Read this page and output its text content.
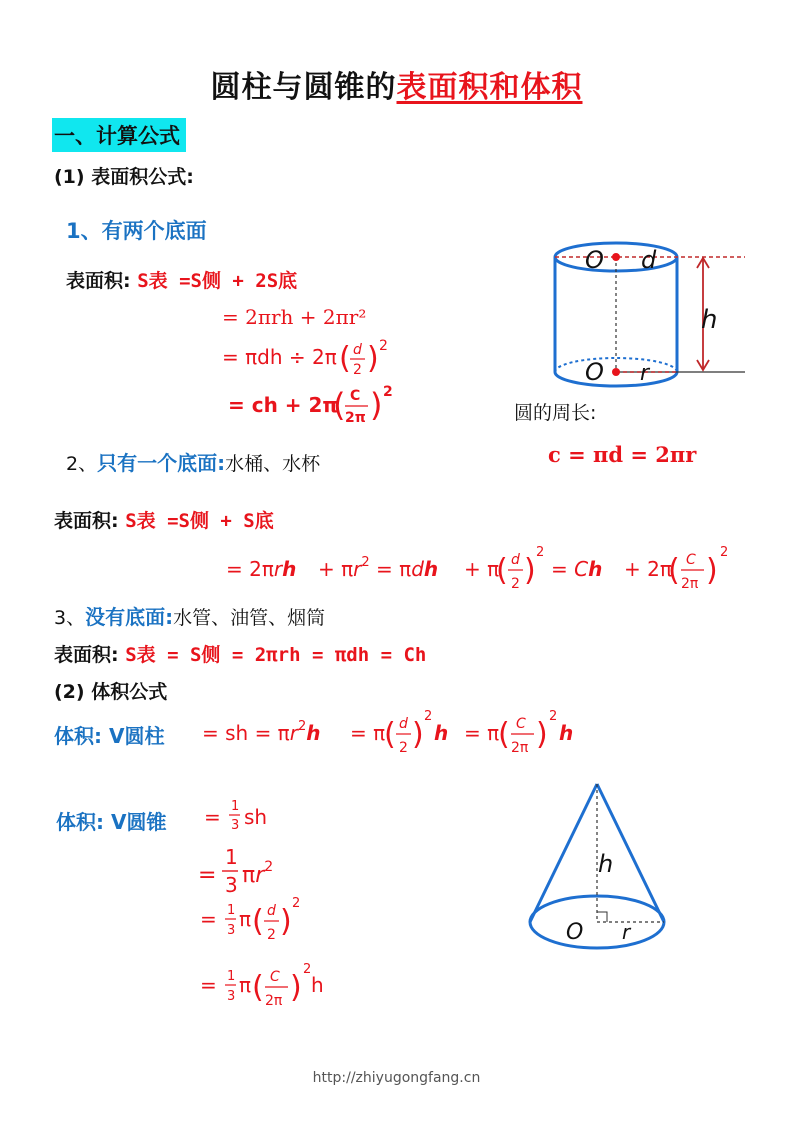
圆柱与圆锥的表面积和体积
一、计算公式
(1) 表面积公式:
1、有两个底面
表面积: S表 =S侧 + 2S底
= 2πrh + 2πr²
= πdh ÷ 2π ( d
2 ) 2
= ch + 2π
( C
2π ) 2
O d
h
O r
圆的周长:
c = πd = 2πr
2、只有一个底面:水桶、水杯
表面积: S表 =S侧 + S底
= $2\pi rh + \pi r^2 = \pi dh + \pi$
( d
2 )
2
= Ch + 2π
( C
2π )
2
3、没有底面:水管、油管、烟筒
表面积: S表 = S侧 = 2πrh = πdh = Ch
(2) 体积公式
体积: V圆柱 = sh = $\pi r^2h = \pi$
( d
2 )
2
h = π
( C
2π )
2
h
体积: V圆锥 = 1
3 sh
=
1
3 $\pi r^2$
= 1
3 π ( d
2 )
2
= 1
3 π ( C
2π )
2
h
h
O r
http://zhiyugongfang.cn
